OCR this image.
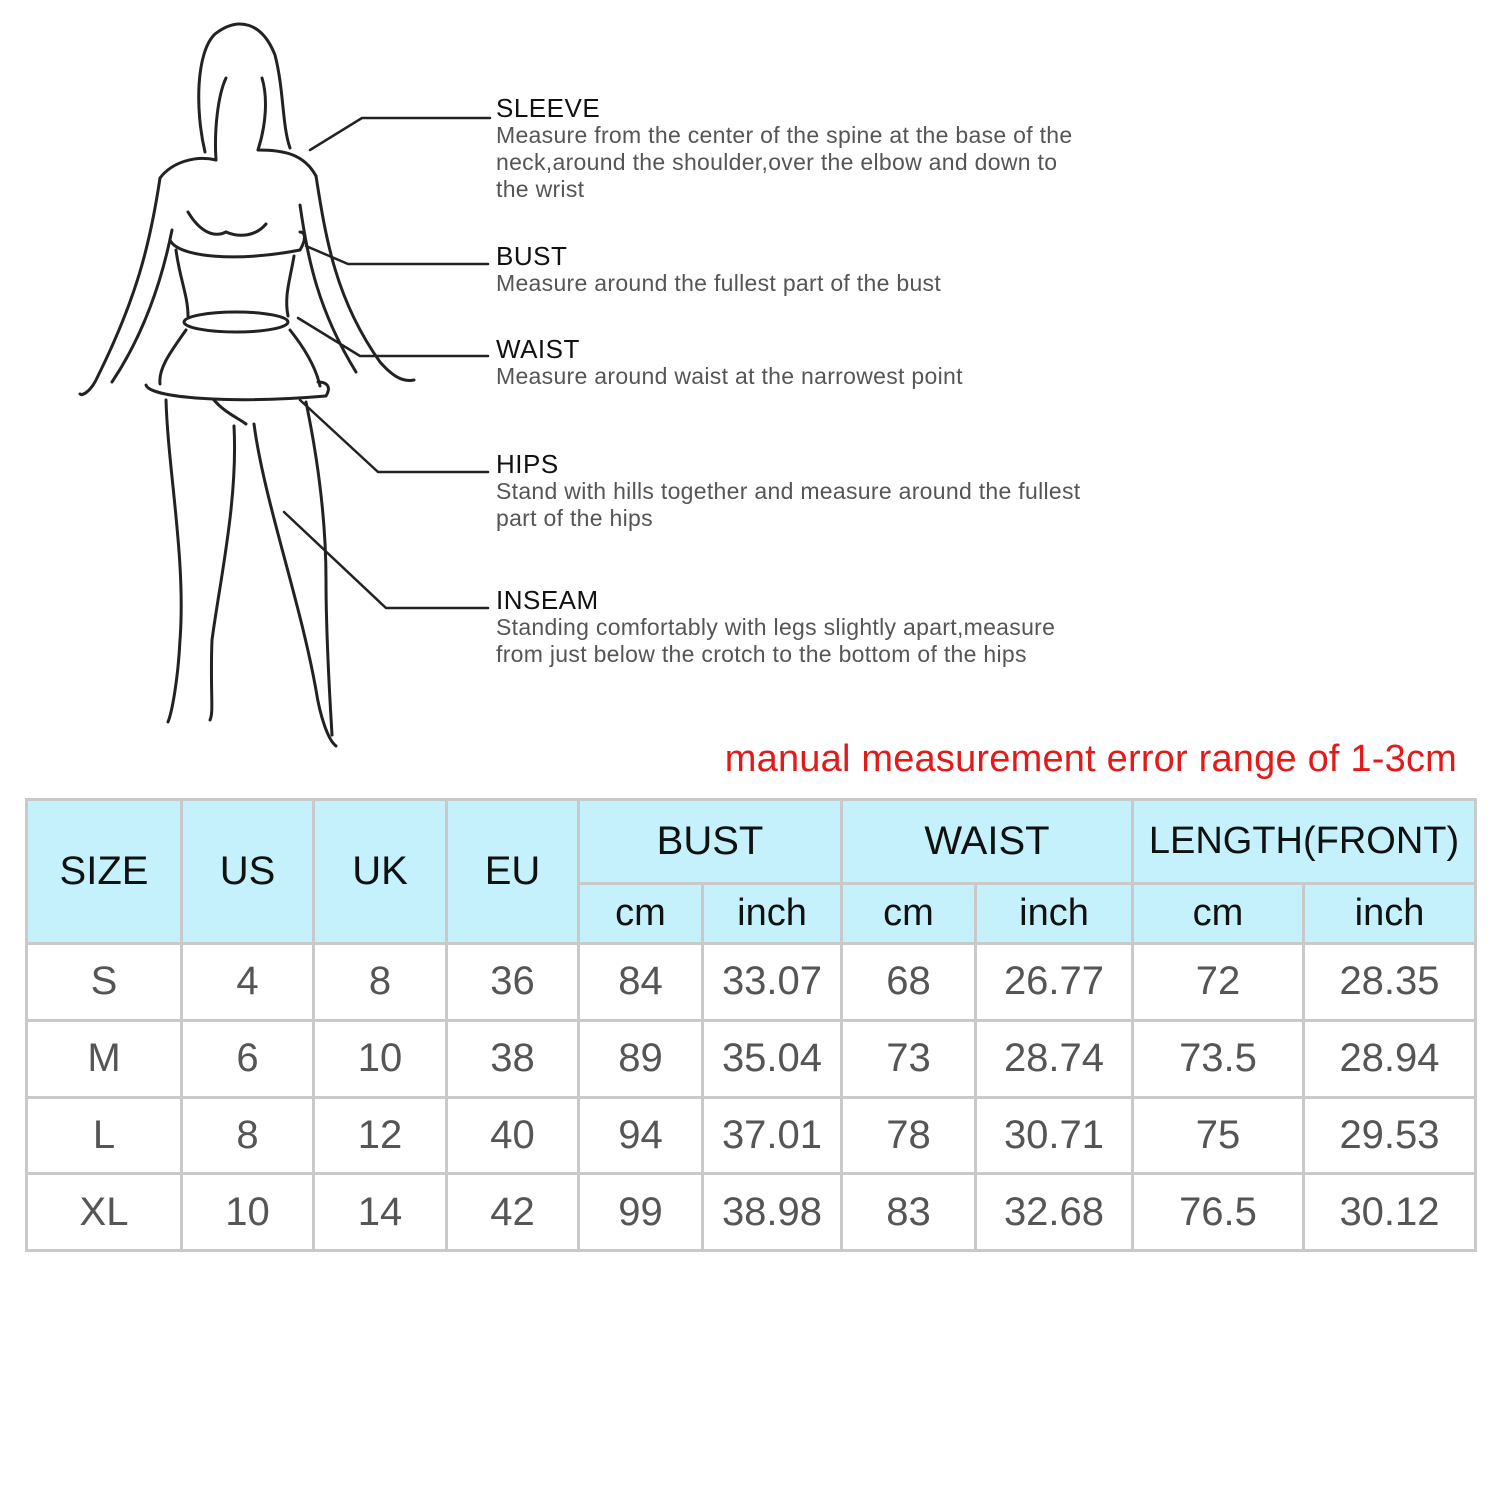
SLEEVE
Measure from the center of the spine at the base of the neck,around the shoulder,over the elbow and down to the wrist
BUST
Measure around the fullest part of the bust
WAIST
Measure around waist at the narrowest point
HIPS
Stand with hills together and measure around the fullest part of the hips
INSEAM
Standing comfortably with legs slightly apart,measure from just below the crotch to the bottom of the hips
manual measurement error range of 1-3cm
SIZE	US	UK	EU	BUST		WAIST		LENGTH(FRONT)	
				cm	inch	cm	inch	cm	inch
S	4	8	36	84	33.07	68	26.77	72	28.35
M	6	10	38	89	35.04	73	28.74	73.5	28.94
L	8	12	40	94	37.01	78	30.71	75	29.53
XL	10	14	42	99	38.98	83	32.68	76.5	30.12
